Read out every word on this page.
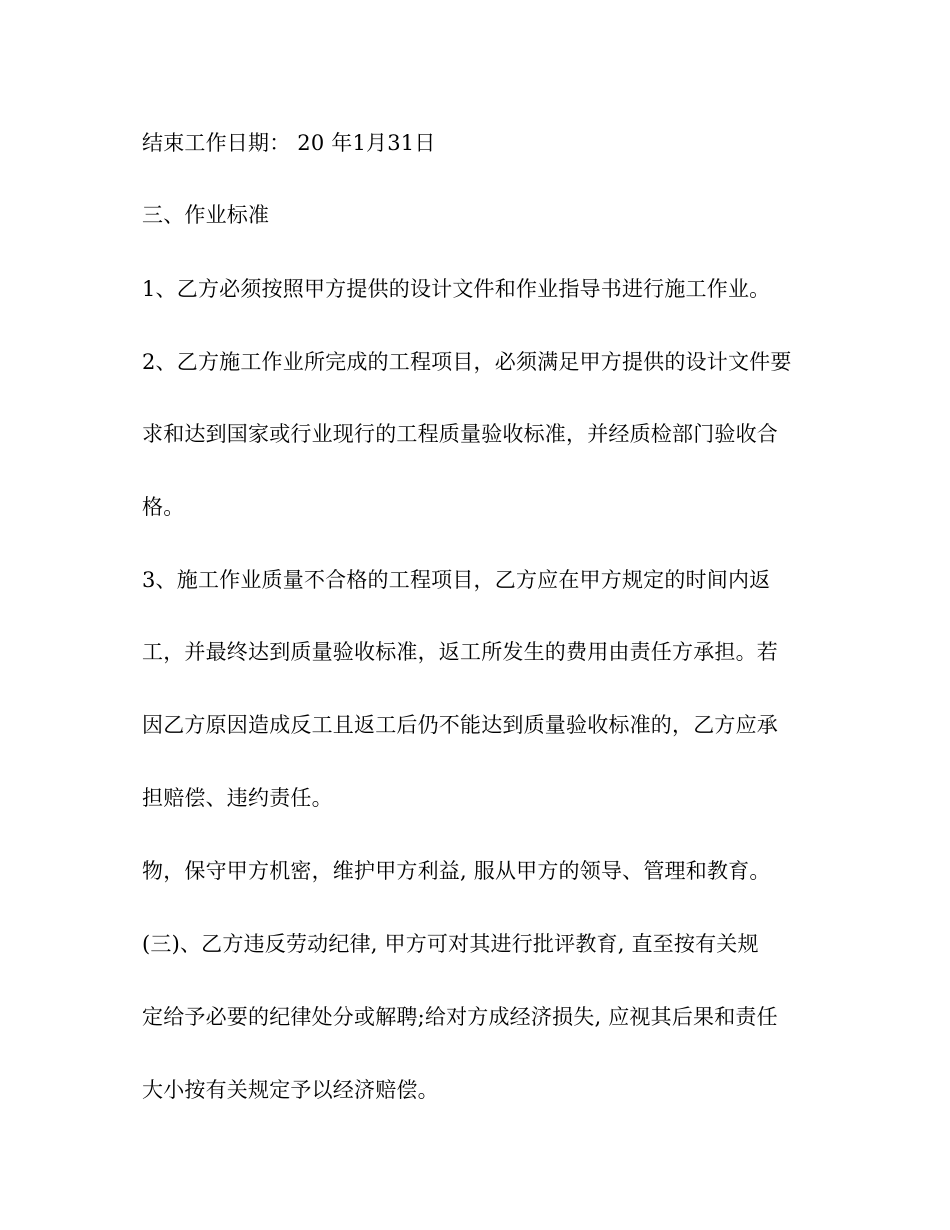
结束工作日期： 20 年1月31日
三、作业标准
1、乙方必须按照甲方提供的设计文件和作业指导书进行施工作业。
2、乙方施工作业所完成的工程项目，必须满足甲方提供的设计文件要
求和达到国家或行业现行的工程质量验收标准，并经质检部门验收合
格。
3、施工作业质量不合格的工程项目，乙方应在甲方规定的时间内返
工，并最终达到质量验收标准，返工所发生的费用由责任方承担。若
因乙方原因造成反工且返工后仍不能达到质量验收标准的，乙方应承
担赔偿、违约责任。
物，保守甲方机密，维护甲方利益, 服从甲方的领导、管理和教育。
(三)、乙方违反劳动纪律, 甲方可对其进行批评教育, 直至按有关规
定给予必要的纪律处分或解聘;给对方成经济损失, 应视其后果和责任
大小按有关规定予以经济赔偿。
